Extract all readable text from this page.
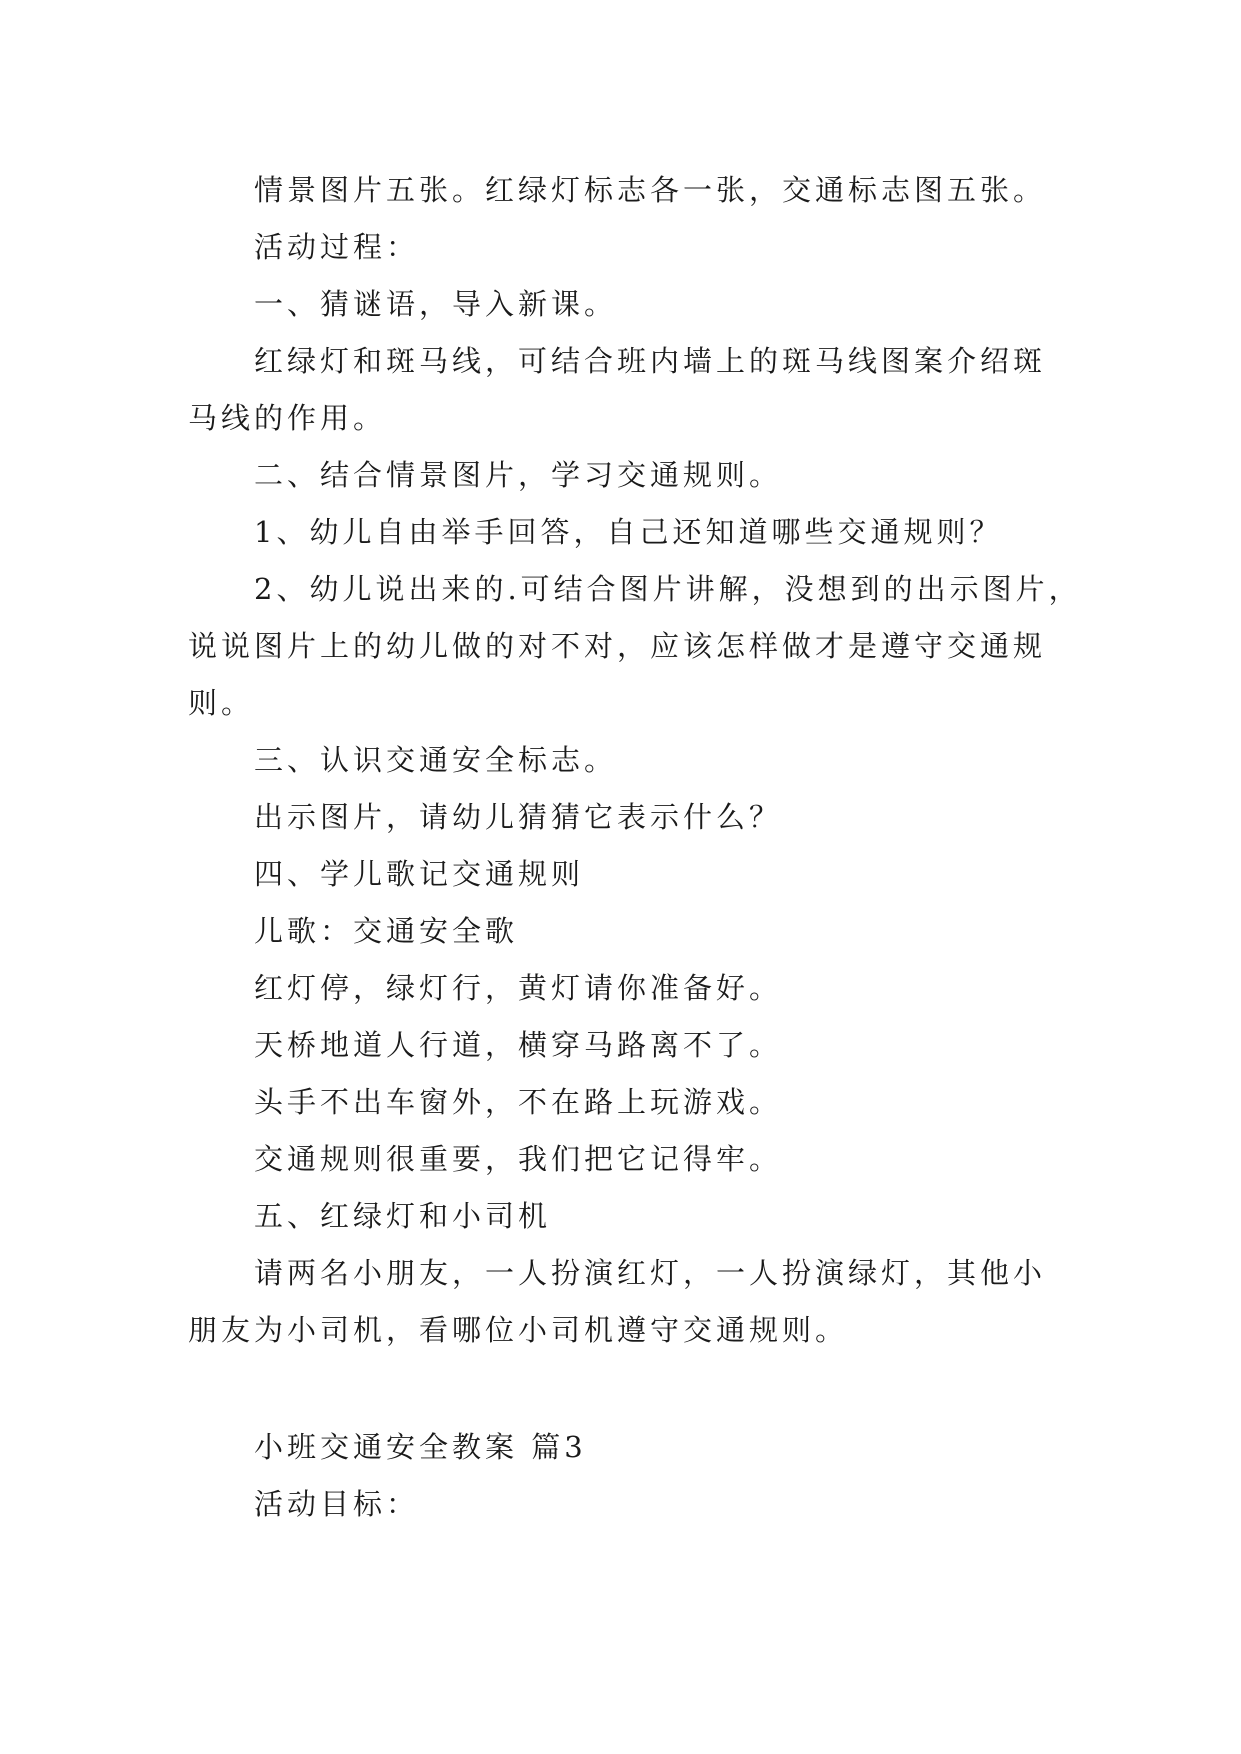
情景图片五张。红绿灯标志各一张，交通标志图五张。

活动过程：

一、猜谜语，导入新课。

红绿灯和斑马线，可结合班内墙上的斑马线图案介绍斑
马线的作用。

二、结合情景图片，学习交通规则。

1、幼儿自由举手回答，自己还知道哪些交通规则？

2、幼儿说出来的.可结合图片讲解，没想到的出示图片，
说说图片上的幼儿做的对不对，应该怎样做才是遵守交通规
则。

三、认识交通安全标志。

出示图片，请幼儿猜猜它表示什么？

四、学儿歌记交通规则

儿歌：交通安全歌

红灯停，绿灯行，黄灯请你准备好。

天桥地道人行道，横穿马路离不了。

头手不出车窗外，不在路上玩游戏。

交通规则很重要，我们把它记得牢。

五、红绿灯和小司机

请两名小朋友，一人扮演红灯，一人扮演绿灯，其他小
朋友为小司机，看哪位小司机遵守交通规则。

小班交通安全教案 篇3

活动目标：
